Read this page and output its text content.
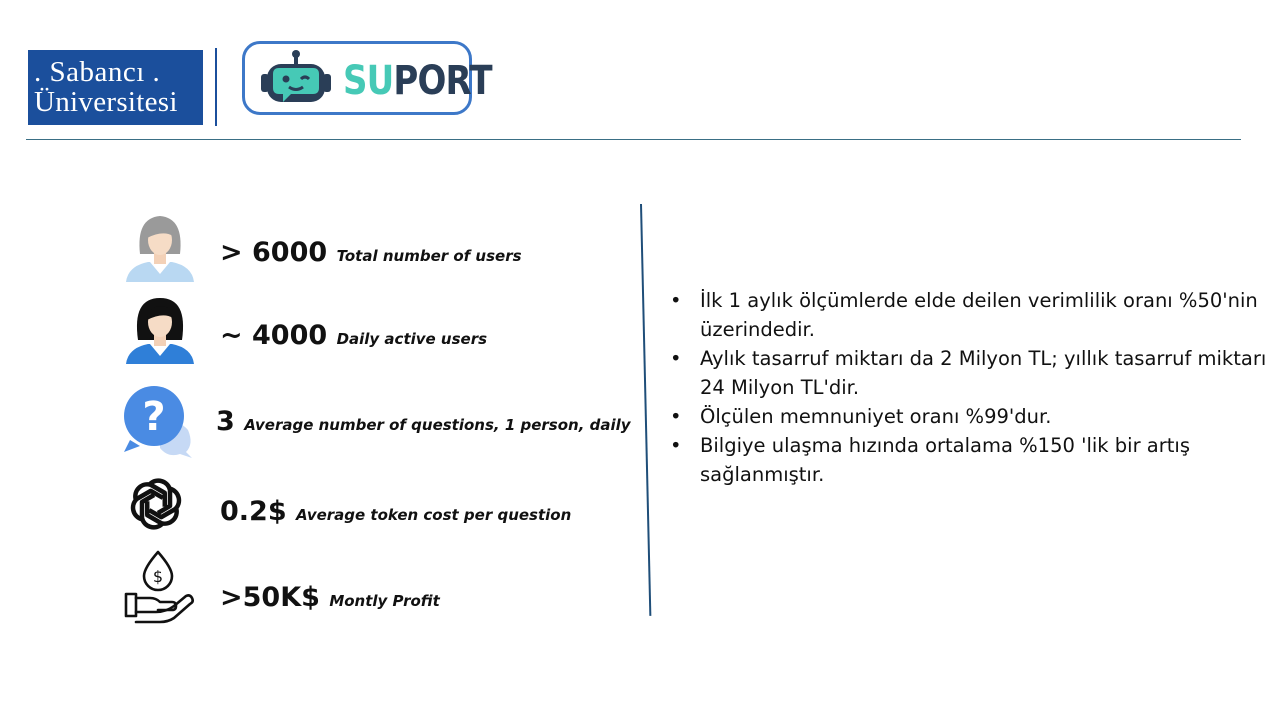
. Sabancı .
Üniversitesi	SUPORT
> 6000 Total number of users
~ 4000 Daily active users
? 3 Average number of questions, 1 person, daily
0.2$ Average token cost per question
$
>50K$ Montly Profit
• İlk 1 aylık ölçümlerde elde deilen verimlilik oranı %50'nin üzerindedir.
• Aylık tasarruf miktarı da 2 Milyon TL; yıllık tasarruf miktarı 24 Milyon TL'dir.
• Ölçülen memnuniyet oranı %99'dur.
• Bilgiye ulaşma hızında ortalama %150 'lik bir artış sağlanmıştır.
